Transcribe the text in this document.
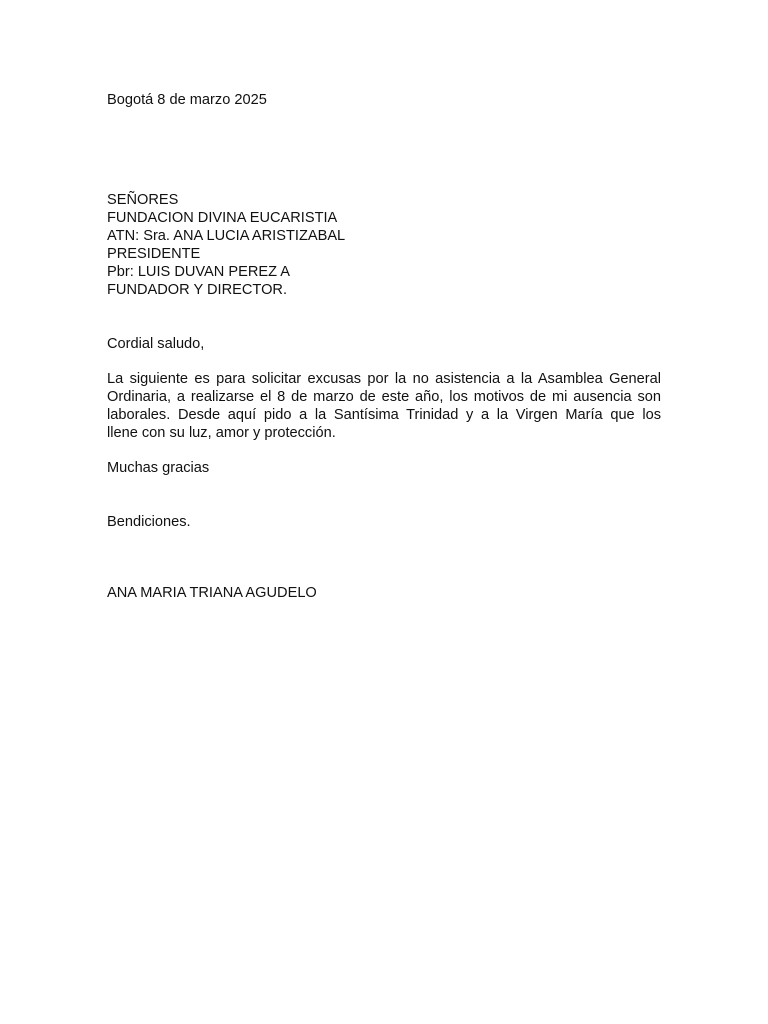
Bogotá 8 de marzo 2025

SEÑORES
FUNDACION DIVINA EUCARISTIA
ATN: Sra. ANA LUCIA ARISTIZABAL
PRESIDENTE
Pbr: LUIS DUVAN PEREZ A
FUNDADOR Y DIRECTOR.

Cordial saludo,

La siguiente es para solicitar excusas por la no asistencia a la Asamblea General
Ordinaria, a realizarse el 8 de marzo de este año, los motivos de mi ausencia son
laborales. Desde aquí pido a la Santísima Trinidad y a la Virgen María que los
llene con su luz, amor y protección.

Muchas gracias

Bendiciones.

ANA MARIA TRIANA AGUDELO
